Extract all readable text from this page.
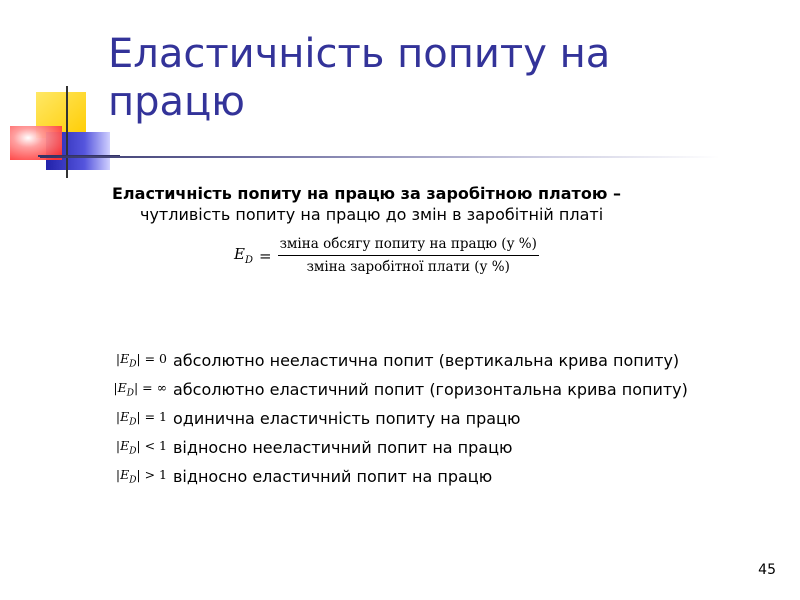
Еластичність попиту на працю
Еластичність попиту на працю за заробітною платою –
чутливість попиту на працю до змін в заробітній платі
$E_D = \frac{\text{зміна обсягу попиту на працю (у \%)}}{\text{зміна заробітної плати (у \%)}}$
$|E_D| = 0$ абсолютно нееластична попит (вертикальна крива попиту)
$|E_D|$ = ∞ абсолютно еластичний попит (горизонтальна крива попиту)
$|E_D| = 1$ одинична еластичність попиту на працю
$|E_D| < 1$ відносно нееластичний попит на працю
$|E_D| > 1$ відносно еластичний попит на працю
45
